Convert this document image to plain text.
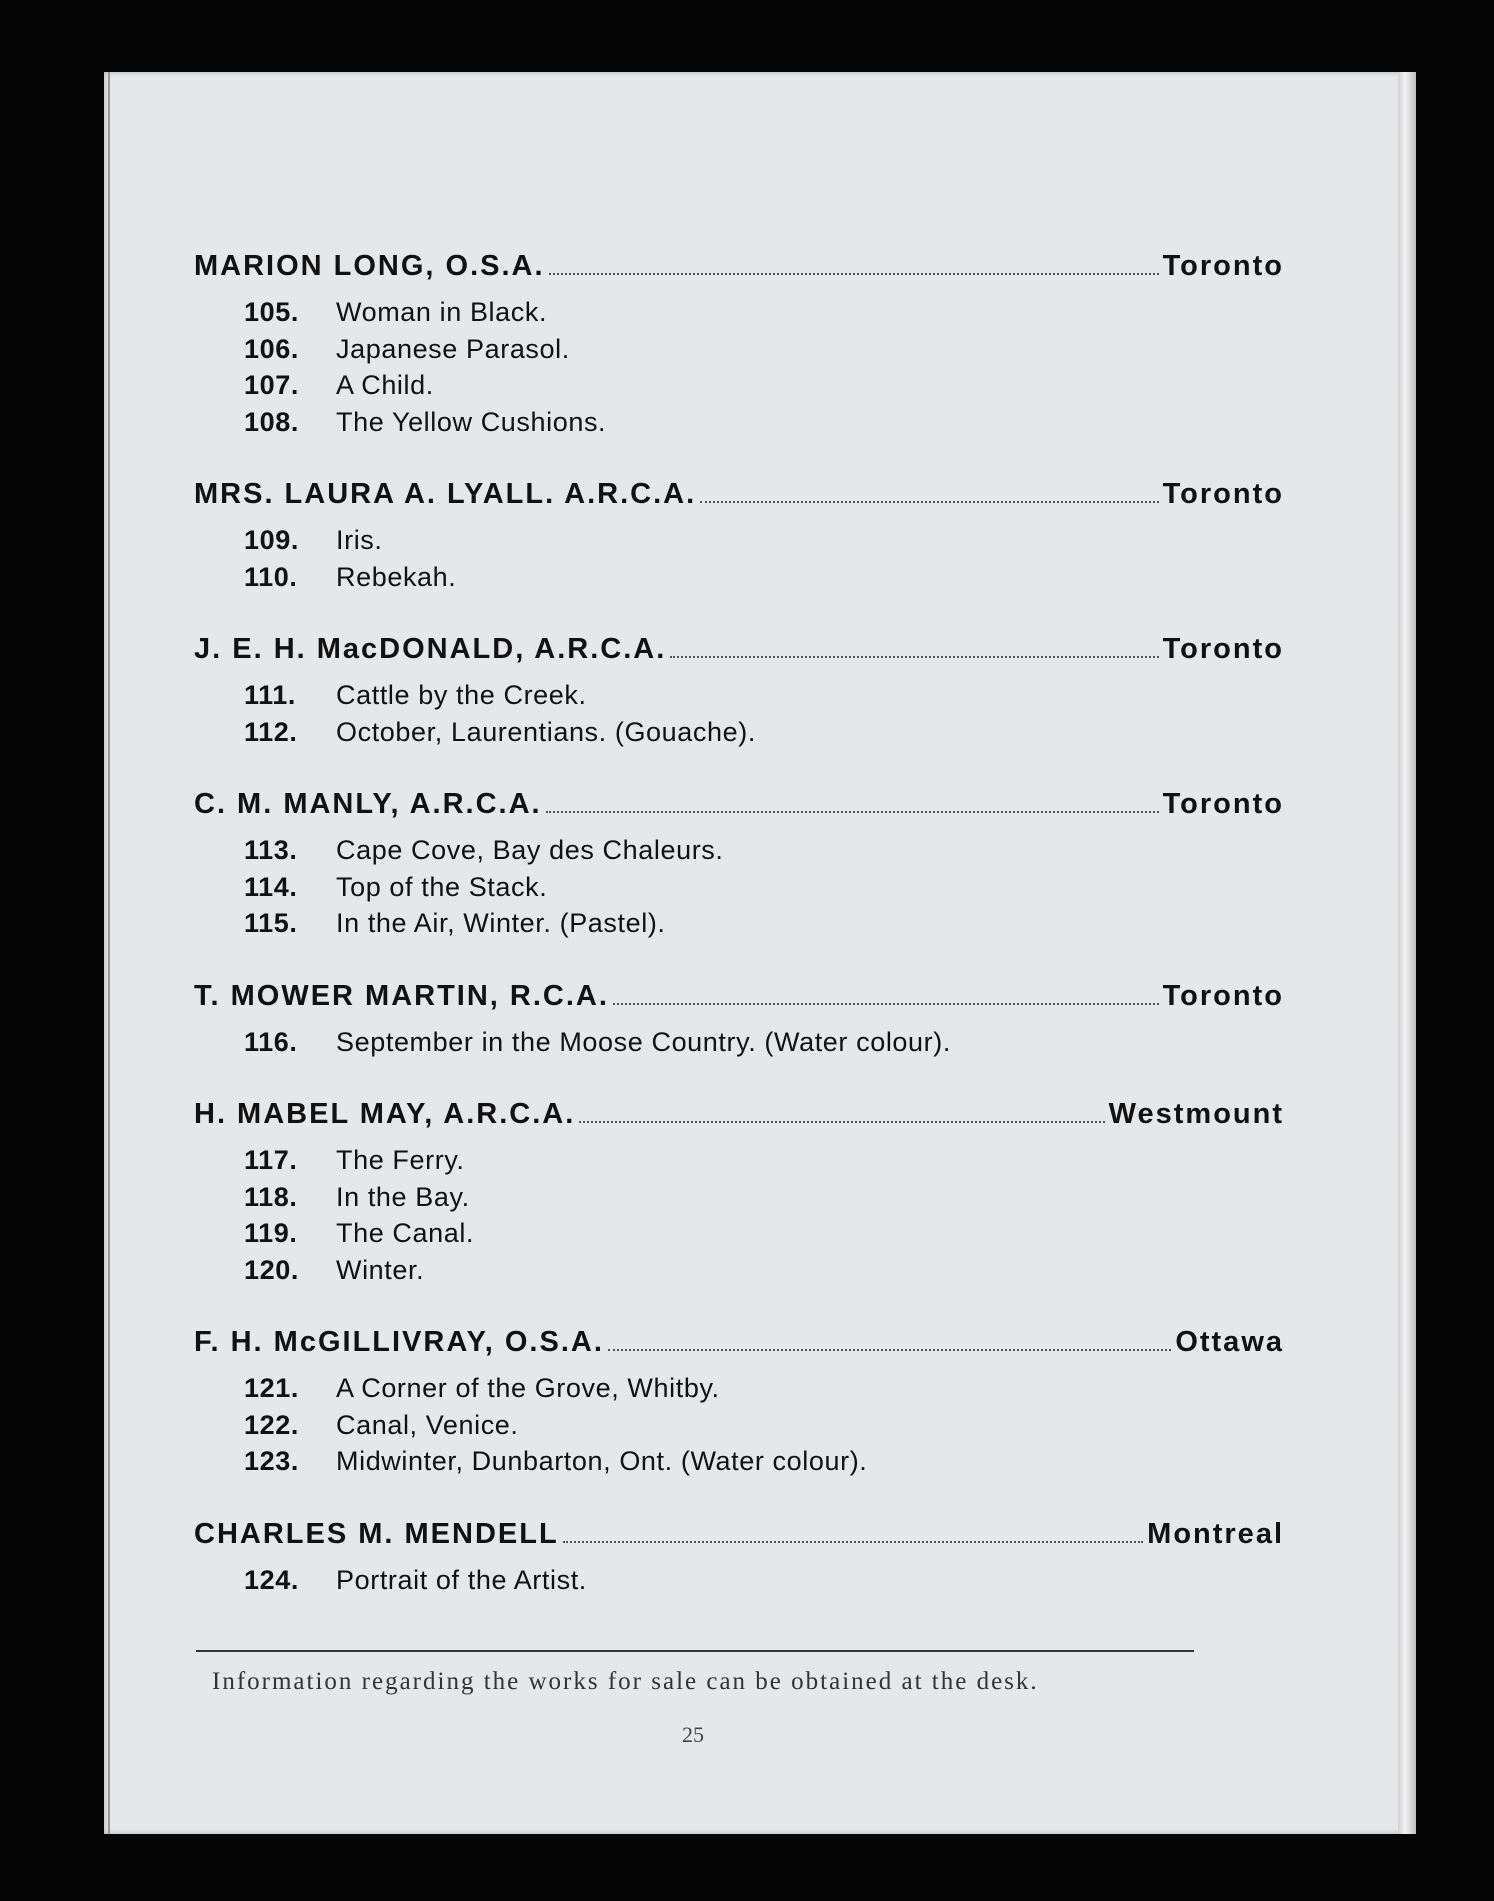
MARION LONG, O.S.A.	Toronto
105.	Woman in Black.
106.	Japanese Parasol.
107.	A Child.
108.	The Yellow Cushions.
MRS. LAURA A. LYALL. A.R.C.A.	Toronto
109.	Iris.
110.	Rebekah.
J. E. H. MacDONALD, A.R.C.A.	Toronto
111.	Cattle by the Creek.
112.	October, Laurentians. (Gouache).
C. M. MANLY, A.R.C.A.	Toronto
113.	Cape Cove, Bay des Chaleurs.
114.	Top of the Stack.
115.	In the Air, Winter. (Pastel).
T. MOWER MARTIN, R.C.A.	Toronto
116.	September in the Moose Country. (Water colour).
H. MABEL MAY, A.R.C.A.	Westmount
117.	The Ferry.
118.	In the Bay.
119.	The Canal.
120.	Winter.
F. H. McGILLIVRAY, O.S.A.	Ottawa
121.	A Corner of the Grove, Whitby.
122.	Canal, Venice.
123.	Midwinter, Dunbarton, Ont. (Water colour).
CHARLES M. MENDELL	Montreal
124.	Portrait of the Artist.
Information regarding the works for sale can be obtained at the desk.
25
